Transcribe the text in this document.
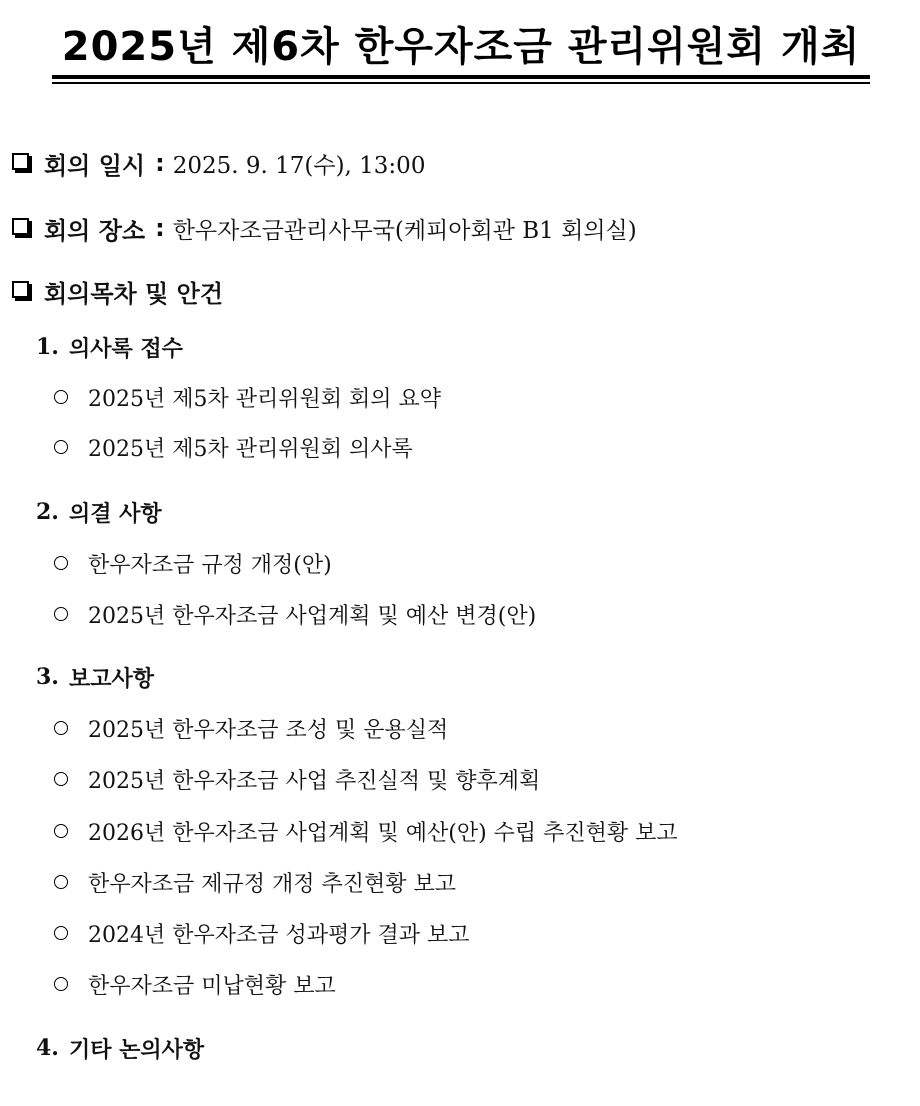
2025년 제6차 한우자조금 관리위원회 개최
회의 일시 : 2025. 9. 17(수), 13:00
회의 장소 : 한우자조금관리사무국(케피아회관 B1 회의실)
회의목차 및 안건
1. 의사록 접수
2025년 제5차 관리위원회 회의 요약
2025년 제5차 관리위원회 의사록
2. 의결 사항
한우자조금 규정 개정(안)
2025년 한우자조금 사업계획 및 예산 변경(안)
3. 보고사항
2025년 한우자조금 조성 및 운용실적
2025년 한우자조금 사업 추진실적 및 향후계획
2026년 한우자조금 사업계획 및 예산(안) 수립 추진현황 보고
한우자조금 제규정 개정 추진현황 보고
2024년 한우자조금 성과평가 결과 보고
한우자조금 미납현황 보고
4. 기타 논의사항
